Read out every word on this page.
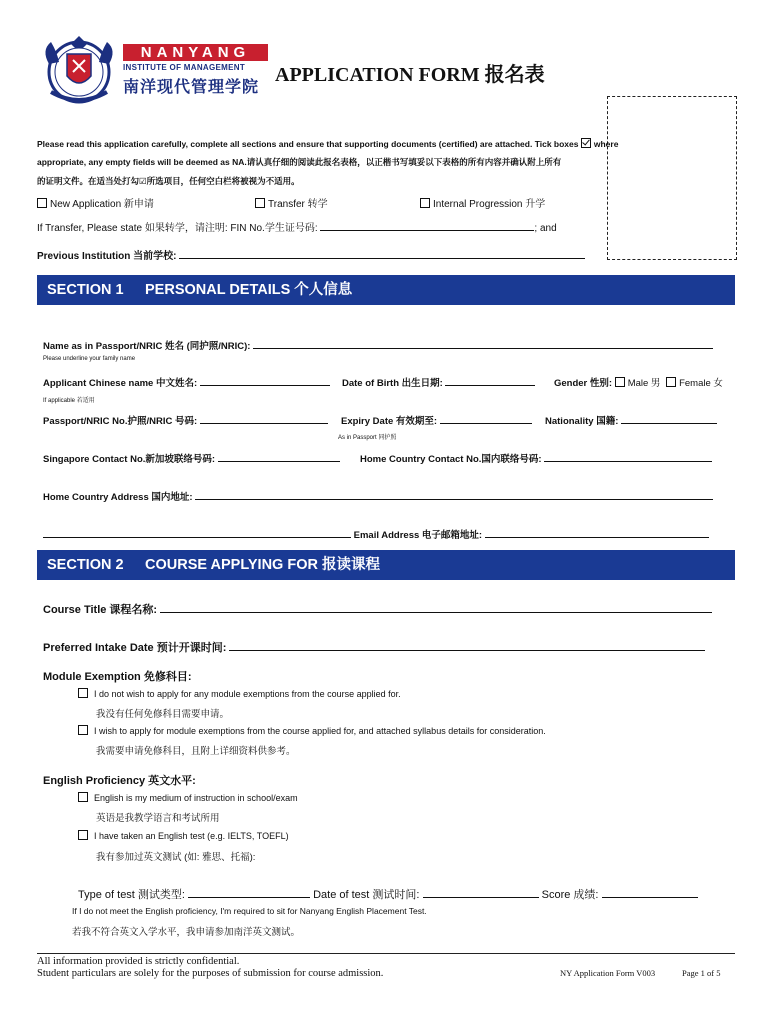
NANYANG
INSTITUTE OF MANAGEMENT
南洋现代管理学院
APPLICATION FORM 报名表
Please read this application carefully, complete all sections and ensure that supporting documents (certified) are attached. Tick boxes where
appropriate, any empty fields will be deemed as NA.请认真仔细的阅读此报名表格，以正楷书写填妥以下表格的所有内容并确认附上所有
的证明文件。在适当处打勾☑所选项目，任何空白栏将被视为不适用。
New Application 新申请	Transfer 转学	Internal Progression 升学
If Transfer, Please state 如果转学，请注明: FIN No.学生证号码:	; and
Previous Institution 当前学校:
SECTION 1 PERSONAL DETAILS 个人信息
Name as in Passport/NRIC 姓名 (同护照/NRIC):
Please underline your family name
Applicant Chinese name 中文姓名:	Date of Birth 出生日期:	Gender 性别: Male 男 Female 女
If applicable 若适用
Passport/NRIC No.护照/NRIC 号码:	Expiry Date 有效期至:	Nationality 国籍:
As in Passport 同护照
Singapore Contact No.新加坡联络号码:	Home Country Contact No.国内联络号码:
Home Country Address 国内地址:
Email Address 电子邮箱地址:
SECTION 2 COURSE APPLYING FOR 报读课程
Course Title 课程名称:
Preferred Intake Date 预计开课时间:
Module Exemption 免修科目:
I do not wish to apply for any module exemptions from the course applied for.
我没有任何免修科目需要申请。
I wish to apply for module exemptions from the course applied for, and attached syllabus details for consideration.
我需要申请免修科目，且附上详细资料供参考。
English Proficiency 英文水平:
English is my medium of instruction in school/exam
英语是我教学语言和考试所用
I have taken an English test (e.g. IELTS, TOEFL)
我有参加过英文测试 (如: 雅思、托福):
Type of test 测试类型:	Date of test 测试时间:	Score 成绩:
If I do not meet the English proficiency, I'm required to sit for Nanyang English Placement Test.
若我不符合英文入学水平，我申请参加南洋英文测试。
All information provided is strictly confidential.
Student particulars are solely for the purposes of submission for course admission.	NY Application Form V003	Page 1 of 5
